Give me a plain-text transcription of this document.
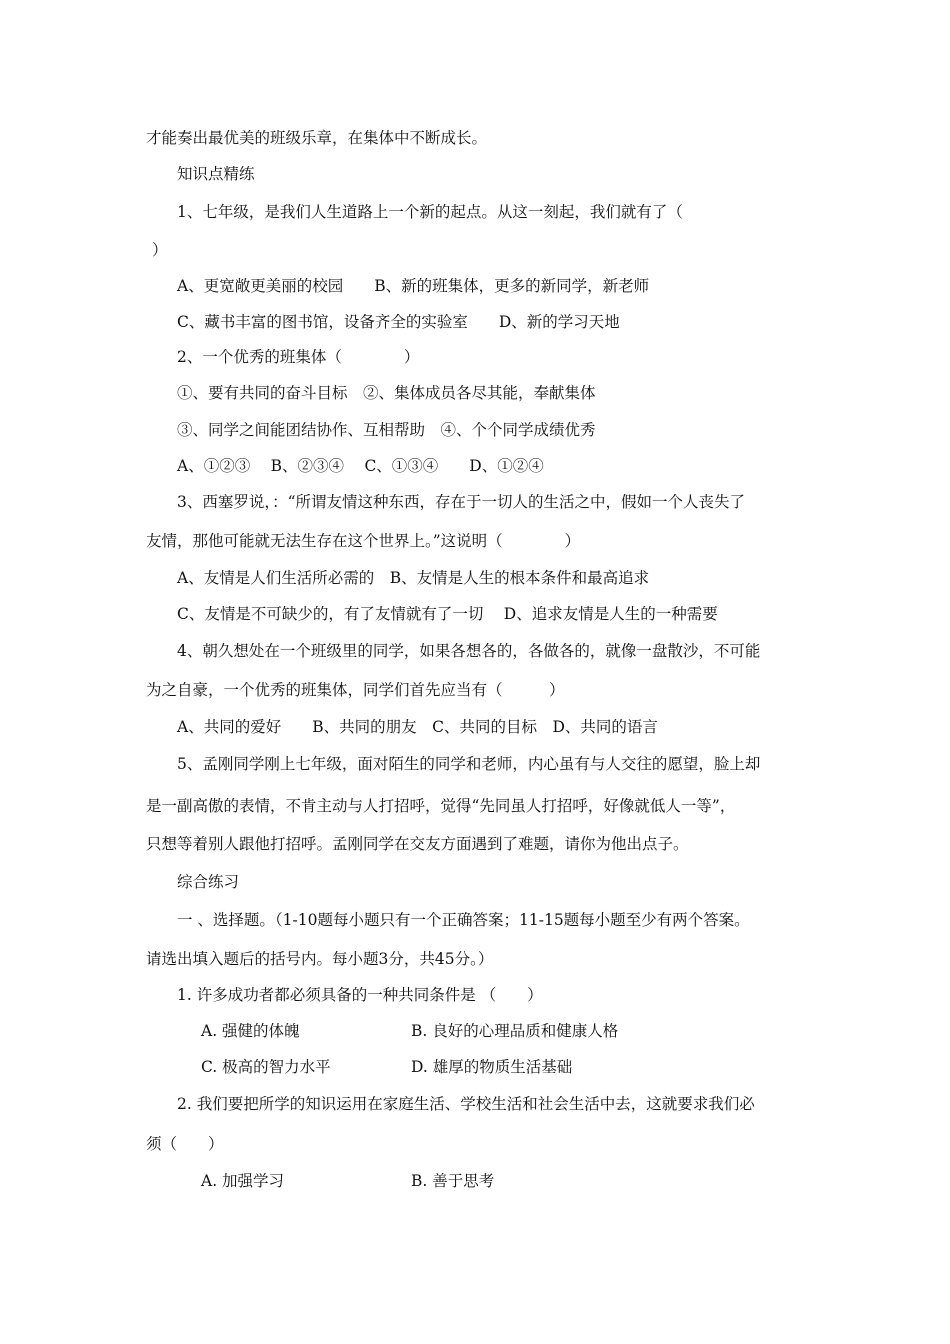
才能奏出最优美的班级乐章，在集体中不断成长。
知识点精练
1、七年级，是我们人生道路上一个新的起点。从这一刻起，我们就有了（
）
A、更宽敞更美丽的校园　　B、新的班集体，更多的新同学，新老师
C、藏书丰富的图书馆，设备齐全的实验室　　D、新的学习天地
2、一个优秀的班集体（　　　　）
①、要有共同的奋斗目标　②、集体成员各尽其能，奉献集体
③、同学之间能团结协作、互相帮助　④、个个同学成绩优秀
A、①②③　 B、②③④　 C、①③④　　D、①②④
3、西塞罗说，：“所谓友情这种东西，存在于一切人的生活之中，假如一个人丧失了
友情，那他可能就无法生存在这个世界上。”这说明（　　　　）
A、友情是人们生活所必需的　B、友情是人生的根本条件和最高追求
C、友情是不可缺少的，有了友情就有了一切　 D、追求友情是人生的一种需要
4、朝久想处在一个班级里的同学，如果各想各的，各做各的，就像一盘散沙，不可能
为之自豪，一个优秀的班集体，同学们首先应当有（　　　）
A、共同的爱好　　B、共同的朋友　C、共同的目标　D、共同的语言
5、孟刚同学刚上七年级，面对陌生的同学和老师，内心虽有与人交往的愿望，脸上却
是一副高傲的表情，不肯主动与人打招呼，觉得“先同虽人打招呼，好像就低人一等”，
只想等着别人跟他打招呼。孟刚同学在交友方面遇到了难题，请你为他出点子。
综合练习
一 、选择题。（1-10题每小题只有一个正确答案；11-15题每小题至少有两个答案。
请选出填入题后的括号内。每小题3分，共45分。）
1. 许多成功者都必须具备的一种共同条件是 （　　）
A. 强健的体魄	B. 良好的心理品质和健康人格
C. 极高的智力水平	D. 雄厚的物质生活基础
2. 我们要把所学的知识运用在家庭生活、学校生活和社会生活中去，这就要求我们必
须（　　）
A. 加强学习	B. 善于思考
